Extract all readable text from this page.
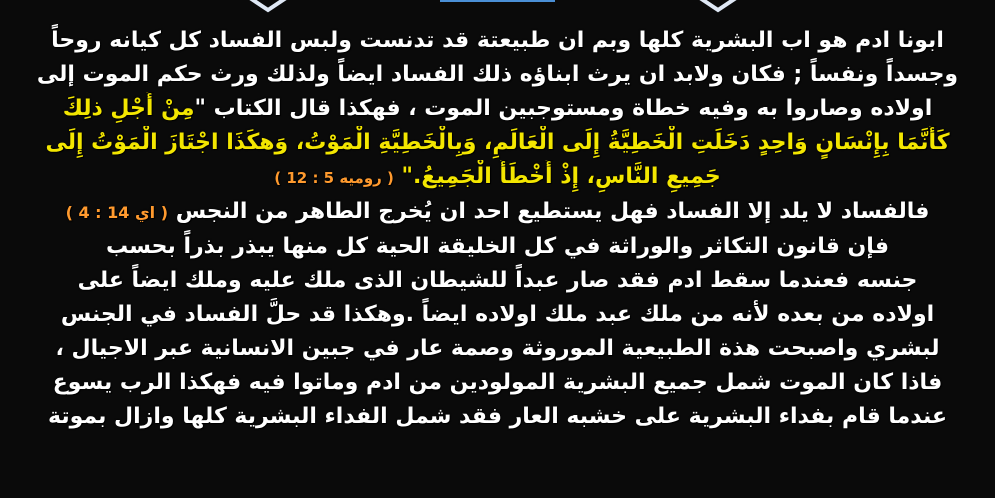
ابونا ادم هو اب البشرية كلها وبم ان طبيعتة قد تدنست ولبس الفساد كل كيانه روحاً
وجسداً ونفساً ; فكان ولابد ان يرث ابناؤه ذلك الفساد ايضاً ولذلك ورث حكم الموت إلى
اولاده وصاروا به وفيه خطاة ومستوجبين الموت ، فهكذا قال الكتاب "مِنْ أَجْلِ ذلِكَ
كَأَنَّمَا بِإِنْسَانٍ وَاحِدٍ دَخَلَتِ الْخَطِيَّةُ إِلَى الْعَالَمِ، وَبِالْخَطِيَّةِ الْمَوْتُ، وَهكَذَا اجْتَازَ الْمَوْتُ إِلَى
جَمِيعِ النَّاسِ، إِذْ أَخْطَأَ الْجَمِيعُ." ( روميه 5 : 12 )
فالفساد لا يلد إلا الفساد فهل يستطيع احد ان يُخرج الطاهر من النجس ( اي 14 : 4 )
فإن قانون التكاثر والوراثة في كل الخليقة الحية كل منها يبذر بذراً بحسب
جنسه فعندما سقط ادم فقد صار عبداً للشيطان الذى ملك عليه وملك ايضاً على
اولاده من بعده لأنه من ملك عبد ملك اولاده ايضاً .وهكذا قد حلَّ الفساد في الجنس
لبشري واصبحت هذة الطبيعية الموروثة وصمة عار في جبين الانسانية عبر الاجيال ،
فاذا كان الموت شمل جميع البشرية المولودين من ادم وماتوا فيه فهكذا الرب يسوع
عندما قام بفداء البشرية على خشبه العار فقد شمل الفداء البشرية كلها وازال بموتة
